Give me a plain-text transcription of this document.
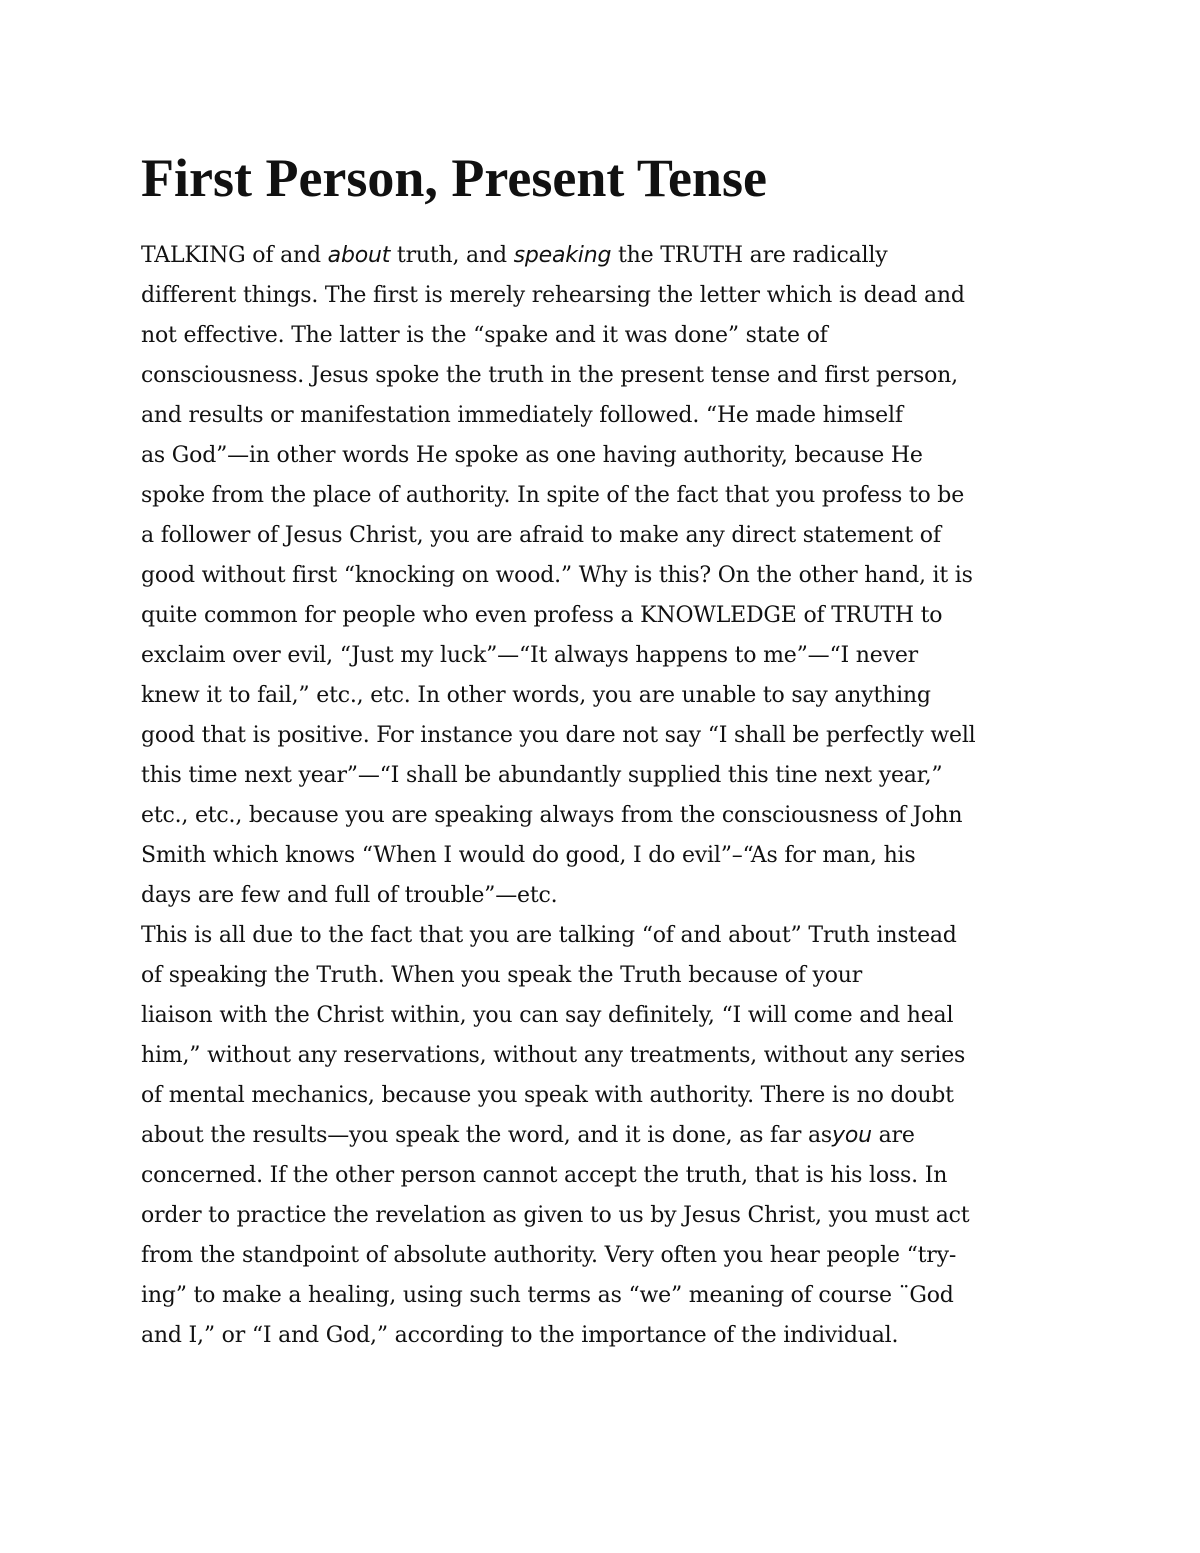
First Person, Present Tense
TALKING of and about truth, and speaking the TRUTH are radically
different things. The first is merely rehearsing the letter which is dead and
not effective. The latter is the “spake and it was done” state of
consciousness. Jesus spoke the truth in the present tense and first person,
and results or manifestation immediately followed. “He made himself
as God”—in other words He spoke as one having authority, because He
spoke from the place of authority. In spite of the fact that you profess to be
a follower of Jesus Christ, you are afraid to make any direct statement of
good without first “knocking on wood.” Why is this? On the other hand, it is
quite common for people who even profess a KNOWLEDGE of TRUTH to
exclaim over evil, “Just my luck”—“It always happens to me”—“I never
knew it to fail,” etc., etc. In other words, you are unable to say anything
good that is positive. For instance you dare not say “I shall be perfectly well
this time next year”—“I shall be abundantly supplied this tine next year,”
etc., etc., because you are speaking always from the consciousness of John
Smith which knows “When I would do good, I do evil”–“As for man, his
days are few and full of trouble”—etc.
This is all due to the fact that you are talking “of and about” Truth instead
of speaking the Truth. When you speak the Truth because of your
liaison with the Christ within, you can say definitely, “I will come and heal
him,” without any reservations, without any treatments, without any series
of mental mechanics, because you speak with authority. There is no doubt
about the results—you speak the word, and it is done, as far asyou are
concerned. If the other person cannot accept the truth, that is his loss. In
order to practice the revelation as given to us by Jesus Christ, you must act
from the standpoint of absolute authority. Very often you hear people “try-
ing” to make a healing, using such terms as “we” meaning of course ¨God
and I,” or “I and God,” according to the importance of the individual.
